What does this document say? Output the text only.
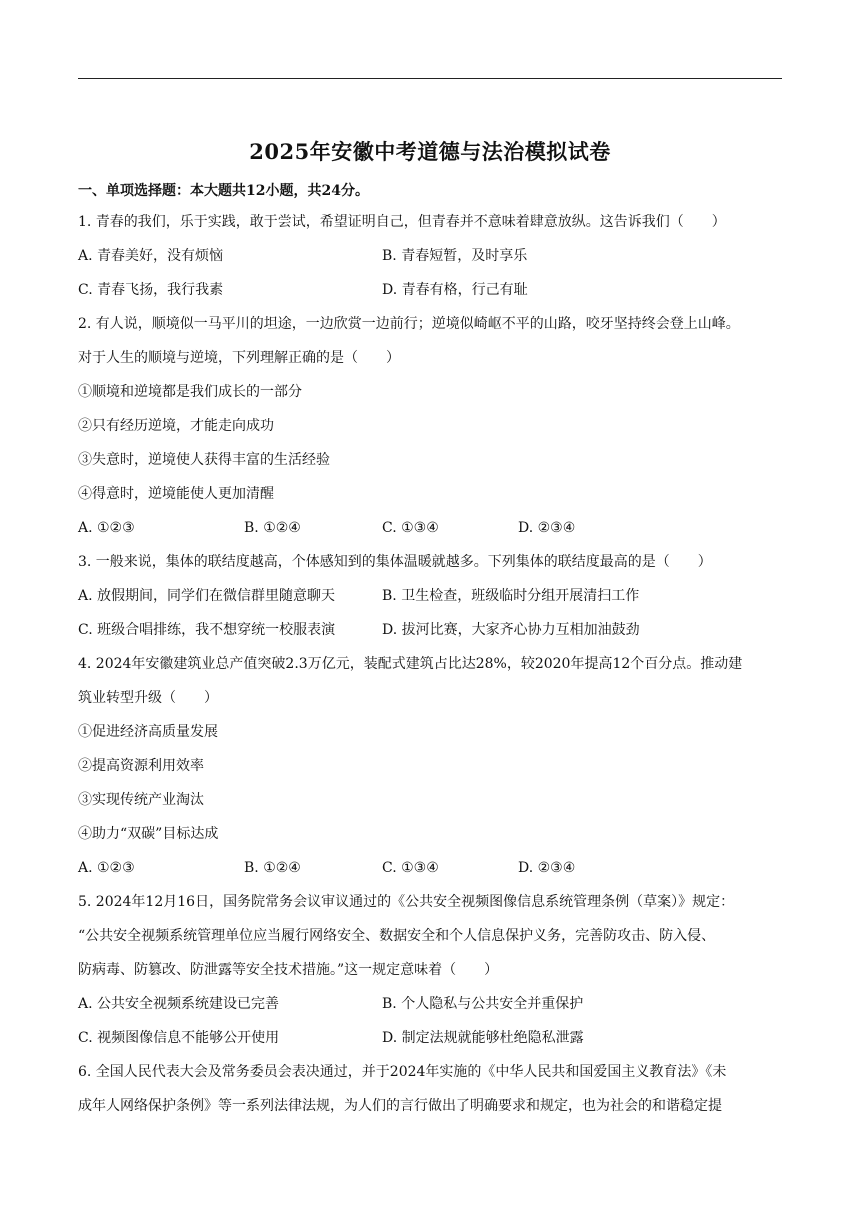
2025年安徽中考道德与法治模拟试卷
一、单项选择题：本大题共12小题，共24分。
1. 青春的我们，乐于实践，敢于尝试，希望证明自己，但青春并不意味着肆意放纵。这告诉我们（　　）
A. 青春美好，没有烦恼	B. 青春短暂，及时享乐
C. 青春飞扬，我行我素	D. 青春有格，行己有耻
2. 有人说，顺境似一马平川的坦途，一边欣赏一边前行；逆境似崎岖不平的山路，咬牙坚持终会登上山峰。
对于人生的顺境与逆境，下列理解正确的是（　　）
①顺境和逆境都是我们成长的一部分
②只有经历逆境，才能走向成功
③失意时，逆境使人获得丰富的生活经验
④得意时，逆境能使人更加清醒
A. ①②③	B. ①②④	C. ①③④	D. ②③④
3. 一般来说，集体的联结度越高，个体感知到的集体温暖就越多。下列集体的联结度最高的是（　　）
A. 放假期间，同学们在微信群里随意聊天	B. 卫生检查，班级临时分组开展清扫工作
C. 班级合唱排练，我不想穿统一校服表演	D. 拔河比赛，大家齐心协力互相加油鼓劲
4. 2024年安徽建筑业总产值突破2.3万亿元，装配式建筑占比达28%，较2020年提高12个百分点。推动建
筑业转型升级（　　）
①促进经济高质量发展
②提高资源利用效率
③实现传统产业淘汰
④助力“双碳”目标达成
A. ①②③	B. ①②④	C. ①③④	D. ②③④
5. 2024年12月16日，国务院常务会议审议通过的《公共安全视频图像信息系统管理条例（草案）》规定：
“公共安全视频系统管理单位应当履行网络安全、数据安全和个人信息保护义务，完善防攻击、防入侵、
防病毒、防篡改、防泄露等安全技术措施。”这一规定意味着（　　）
A. 公共安全视频系统建设已完善	B. 个人隐私与公共安全并重保护
C. 视频图像信息不能够公开使用	D. 制定法规就能够杜绝隐私泄露
6. 全国人民代表大会及常务委员会表决通过，并于2024年实施的《中华人民共和国爱国主义教育法》《未
成年人网络保护条例》等一系列法律法规，为人们的言行做出了明确要求和规定，也为社会的和谐稳定提
